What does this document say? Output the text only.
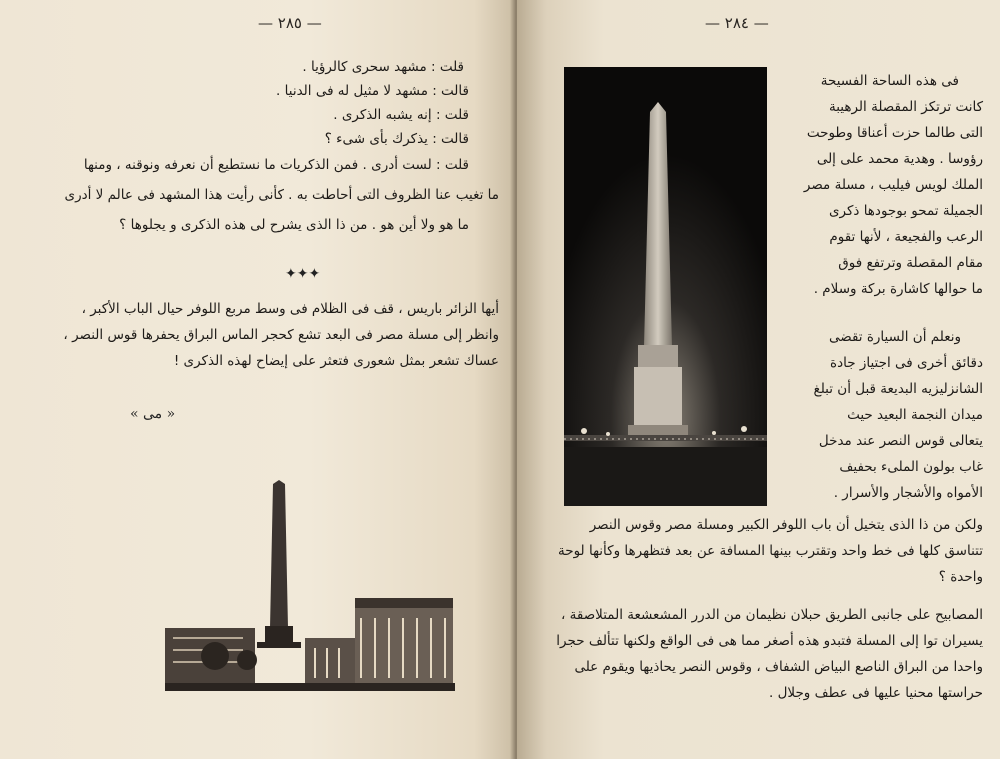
— ٢٨٥ —
قلت : مشهد سحرى كالرؤيا .
قالت : مشهد لا مثيل له فى الدنيا .
قلت : إنه يشبه الذكرى .
قالت : يذكرك بأى شىء ؟
قلت : لست أدرى . فمن الذكريات ما نستطيع أن نعرفه ونوقنه ، ومنها
ما تغيب عنا الظروف التى أحاطت به . كأنى رأيت هذا المشهد فى عالم لا أدرى
ما هو ولا أين هو . من ذا الذى يشرح لى هذه الذكرى و يجلوها ؟
✦✦✦
أيها الزائر باريس ، قف فى الظلام فى وسط مربع اللوفر حيال الباب الأكبر ،
وانظر إلى مسلة مصر فى البعد تشع كحجر الماس البراق يحفرها قوس النصر ،
عساك تشعر بمثل شعورى فتعثر على إيضاح لهذه الذكرى !
« مى »
— ٢٨٤ —
فى هذه الساحة الفسيحة
كانت ترتكز المقصلة الرهيبة
التى طالما حزت أعناقا وطوحت
رؤوسا . وهدية محمد على إلى
الملك لويس فيليب ، مسلة مصر
الجميلة تمحو بوجودها ذكرى
الرعب والفجيعة ، لأنها تقوم
مقام المقصلة وترتفع فوق
ما حوالها كاشارة بركة وسلام .
ونعلم أن السيارة تقضى
دقائق أخرى فى اجتياز جادة
الشانزليزيه البديعة قبل أن تبلغ
ميدان النجمة البعيد حيث
يتعالى قوس النصر عند مدخل
غاب بولون الملىء بحفيف
الأمواه والأشجار والأسرار .
ولكن من ذا الذى يتخيل أن باب اللوفر الكبير ومسلة مصر وقوس النصر
تتناسق كلها فى خط واحد وتقترب بينها المسافة عن بعد فتظهرها وكأنها لوحة
واحدة ؟
المصابيح على جانبى الطريق حبلان نظيمان من الدرر المشعشعة المتلاصقة ،
يسيران توا إلى المسلة فتبدو هذه أصغر مما هى فى الواقع ولكنها تتألف حجرا
واحدا من البراق الناصع البياض الشفاف ، وقوس النصر يحاذيها ويقوم على
حراستها محنيا عليها فى عطف وجلال .
